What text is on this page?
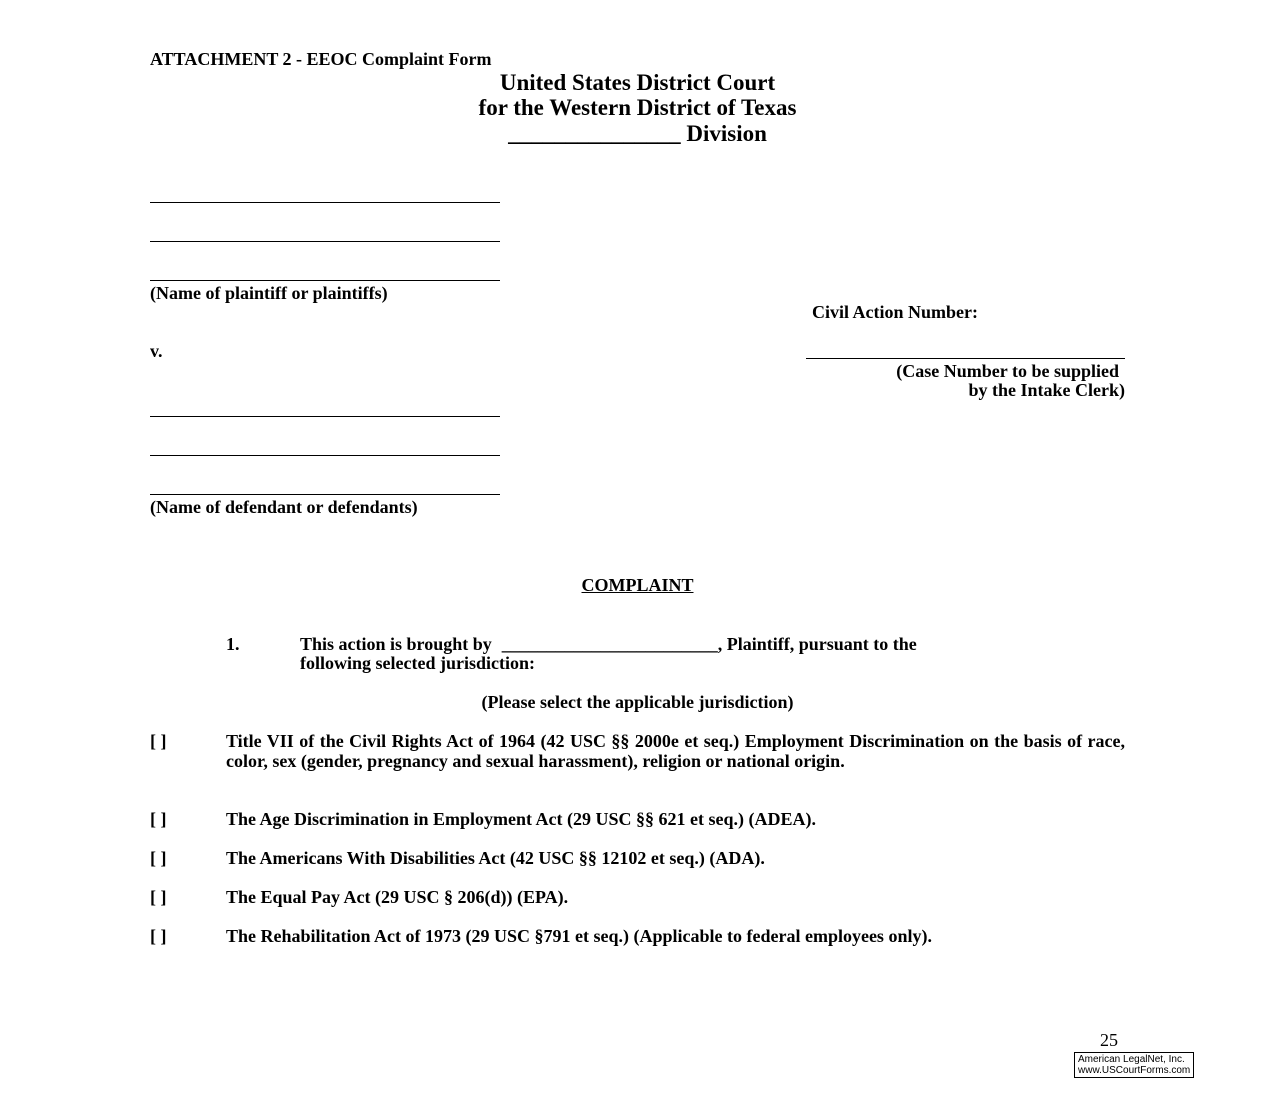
ATTACHMENT 2 - EEOC Complaint Form
United States District Court
for the Western District of Texas
_______________ Division
(Name of plaintiff or plaintiffs)
Civil Action Number:
v.
(Case Number to be supplied
by the Intake Clerk)
(Name of defendant or defendants)
COMPLAINT
1.	This action is brought by ________________________ , Plaintiff, pursuant to the
following selected jurisdiction:
(Please select the applicable jurisdiction)
[ ]	Title VII of the Civil Rights Act of 1964 (42 USC §§ 2000e et seq.) Employment Discrimination on the basis of race, color, sex (gender, pregnancy and sexual harassment), religion or national origin.
[ ]	The Age Discrimination in Employment Act (29 USC §§ 621 et seq.) (ADEA).
[ ]	The Americans With Disabilities Act (42 USC §§ 12102 et seq.) (ADA).
[ ]	The Equal Pay Act (29 USC § 206(d)) (EPA).
[ ]	The Rehabilitation Act of 1973 (29 USC §791 et seq.) (Applicable to federal employees only).
25
American LegalNet, Inc.
www.USCourtForms.com
